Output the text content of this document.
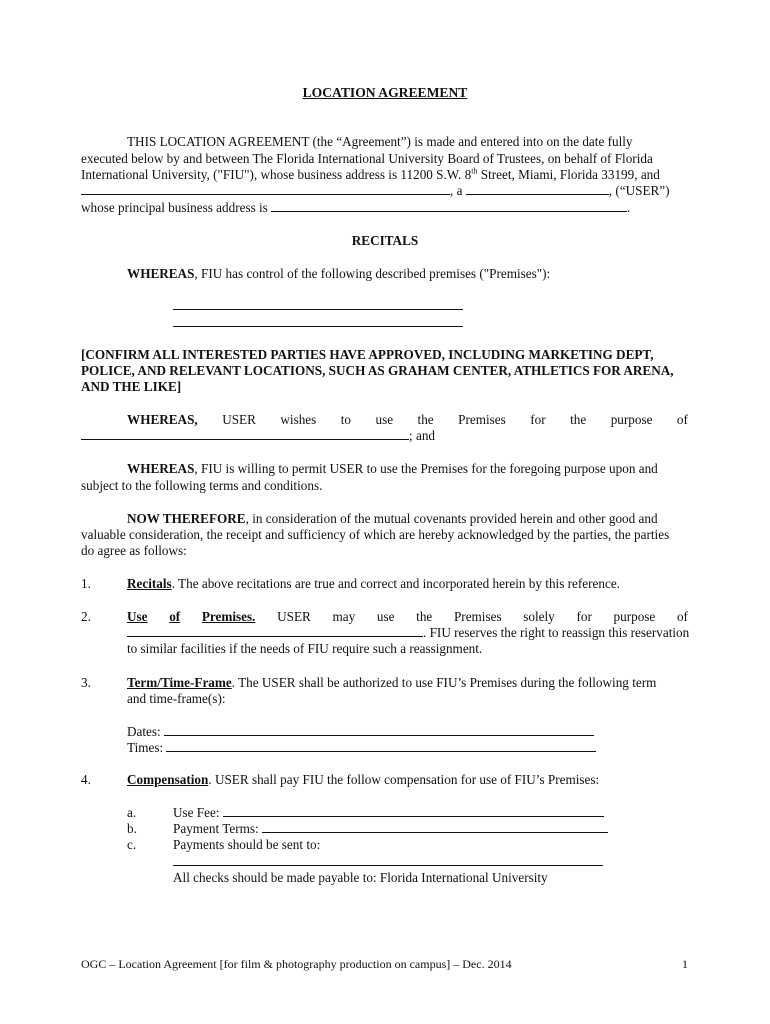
LOCATION AGREEMENT
THIS LOCATION AGREEMENT (the “Agreement”) is made and entered into on the date fully
executed below by and between The Florida International University Board of Trustees, on behalf of Florida
International University, ("FIU"), whose business address is 11200 S.W. 8th Street, Miami, Florida 33199, and
, a	, (“USER”)
whose principal business address is	.
RECITALS
WHEREAS, FIU has control of the following described premises ("Premises"):
[CONFIRM ALL INTERESTED PARTIES HAVE APPROVED, INCLUDING MARKETING DEPT,
POLICE, AND RELEVANT LOCATIONS, SUCH AS GRAHAM CENTER, ATHLETICS FOR ARENA,
AND THE LIKE]
WHEREAS, USER wishes to use the Premises for the purpose of
; and
WHEREAS, FIU is willing to permit USER to use the Premises for the foregoing purpose upon and
subject to the following terms and conditions.
NOW THEREFORE, in consideration of the mutual covenants provided herein and other good and
valuable consideration, the receipt and sufficiency of which are hereby acknowledged by the parties, the parties
do agree as follows:
1.	Recitals. The above recitations are true and correct and incorporated herein by this reference.
2.	Use of Premises. USER may use the Premises solely for purpose of
. FIU reserves the right to reassign this reservation
to similar facilities if the needs of FIU require such a reassignment.
3.	Term/Time-Frame. The USER shall be authorized to use FIU’s Premises during the following term
and time-frame(s):
Dates:
Times:
4.	Compensation. USER shall pay FIU the follow compensation for use of FIU’s Premises:
a.	Use Fee:
b.	Payment Terms:
c.	Payments should be sent to:
All checks should be made payable to: Florida International University
OGC – Location Agreement [for film & photography production on campus] – Dec. 2014	1
